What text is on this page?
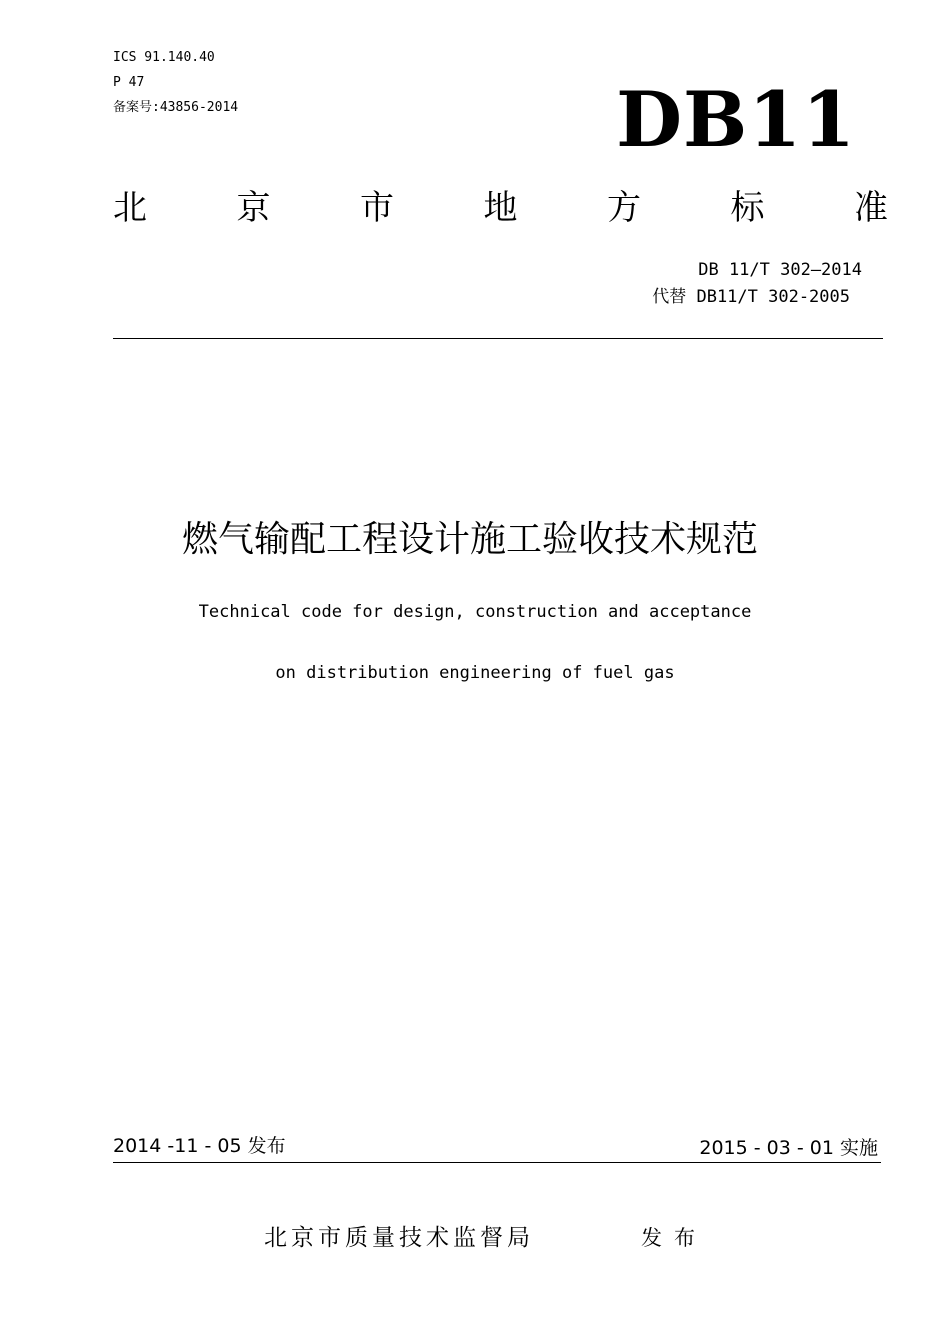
ICS 91.140.40
P 47
备案号:43856-2014	DB11
北	京	市	地	方	标	准
DB 11/T 302—2014
代替 DB11/T 302-2005
燃气输配工程设计施工验收技术规范
Technical code for design, construction and acceptance
on distribution engineering of fuel gas
2014 -11 - 05 发布	2015 - 03 - 01 实施
北京市质量技术监督局	发布
